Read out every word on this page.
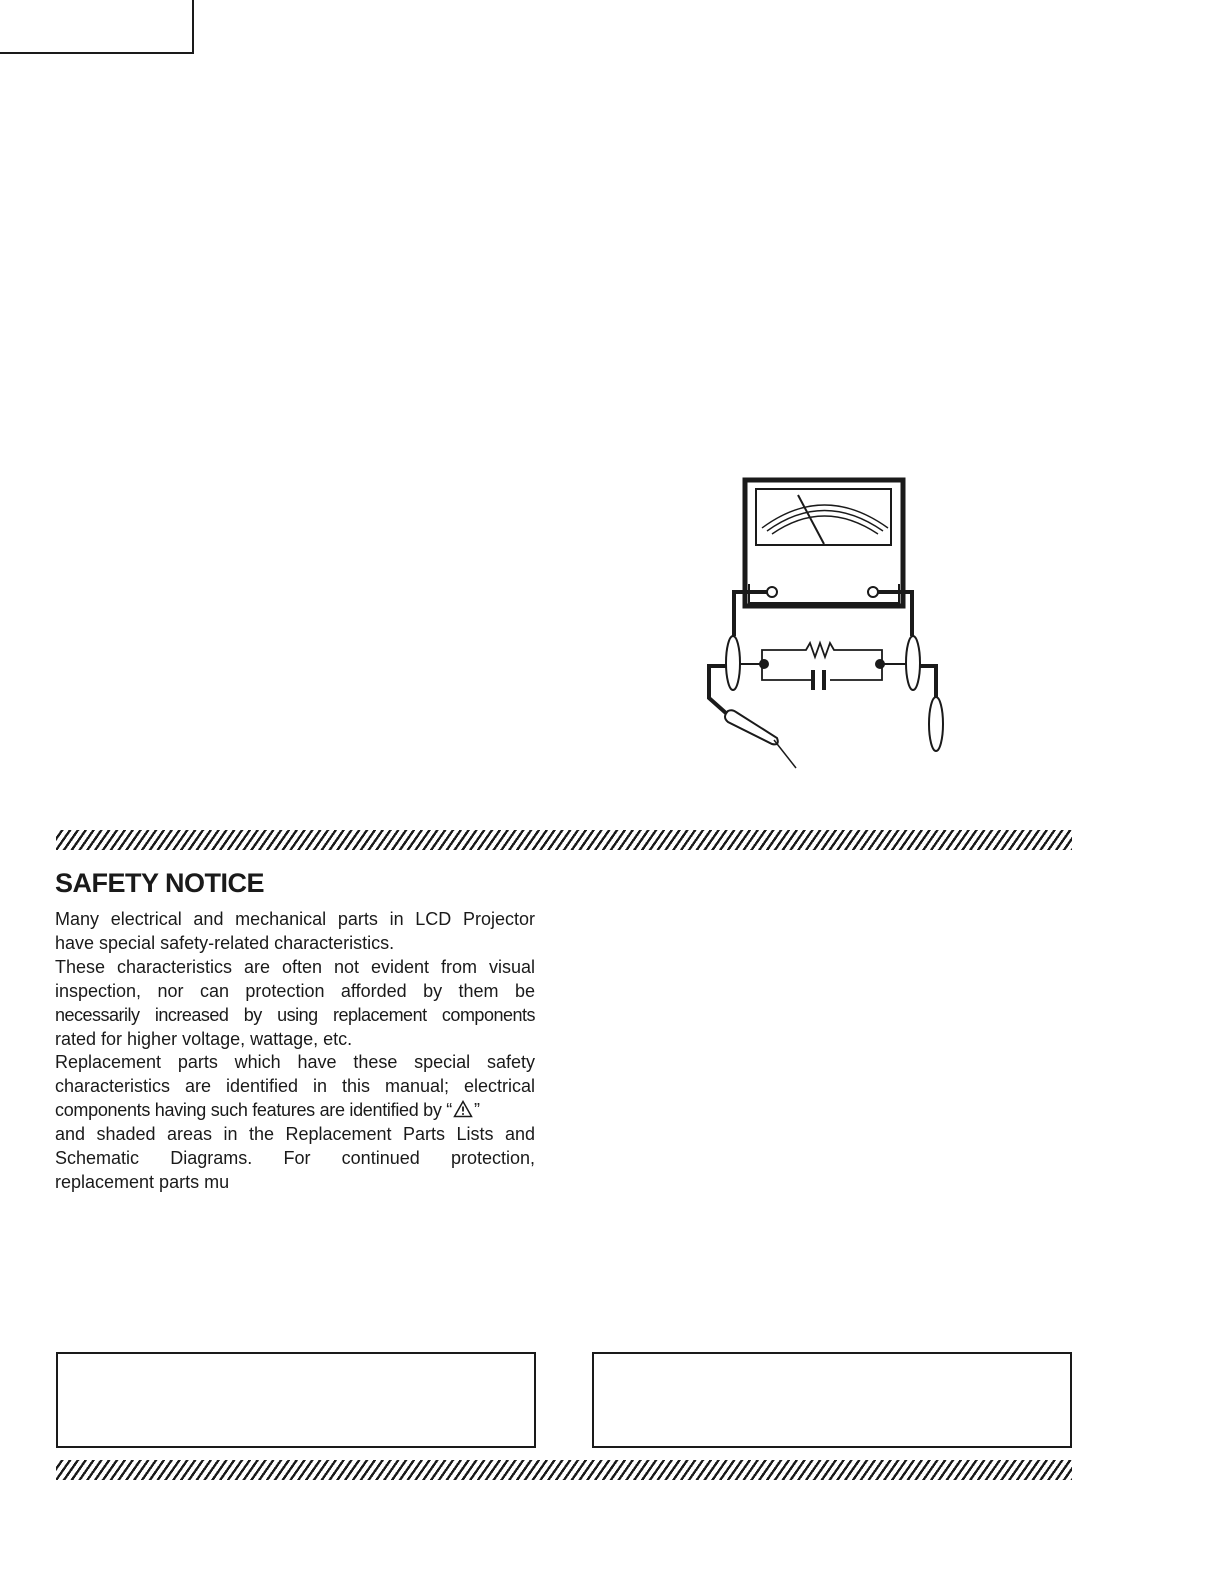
SAFETY NOTICE
Many electrical and mechanical parts in LCD Projector
have special safety-related characteristics.
These characteristics are often not evident from visual
inspection, nor can protection afforded by them be
necessarily increased by using replacement components
rated for higher voltage, wattage, etc.
Replacement parts which have these special safety
characteristics are identified in this manual; electrical
components having such features are identified by “ ”
and shaded areas in the Replacement Parts Lists and
Schematic Diagrams. For continued protection,
replacement parts mu
